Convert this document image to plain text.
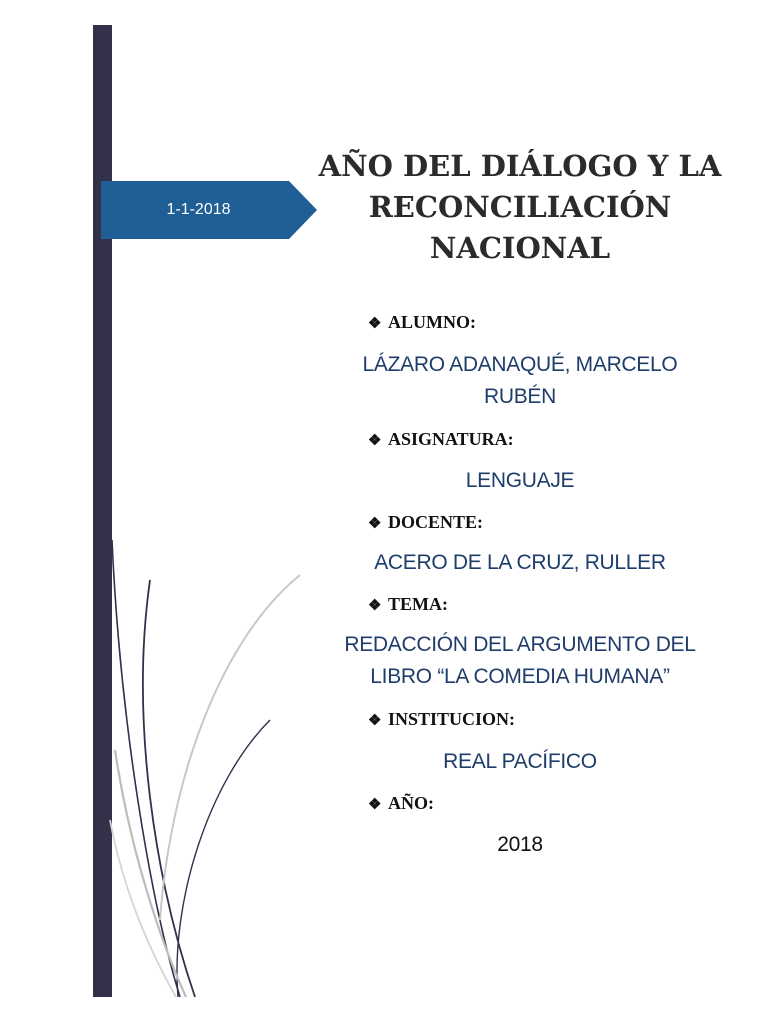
1-1-2018
AÑO DEL DIÁLOGO Y LA RECONCILIACIÓN NACIONAL
❖ ALUMNO:
LÁZARO ADANAQUÉ, MARCELO RUBÉN
❖ ASIGNATURA:
LENGUAJE
❖ DOCENTE:
ACERO DE LA CRUZ, RULLER
❖ TEMA:
REDACCIÓN DEL ARGUMENTO DEL LIBRO “LA COMEDIA HUMANA”
❖ INSTITUCION:
REAL PACÍFICO
❖ AÑO:
2018
